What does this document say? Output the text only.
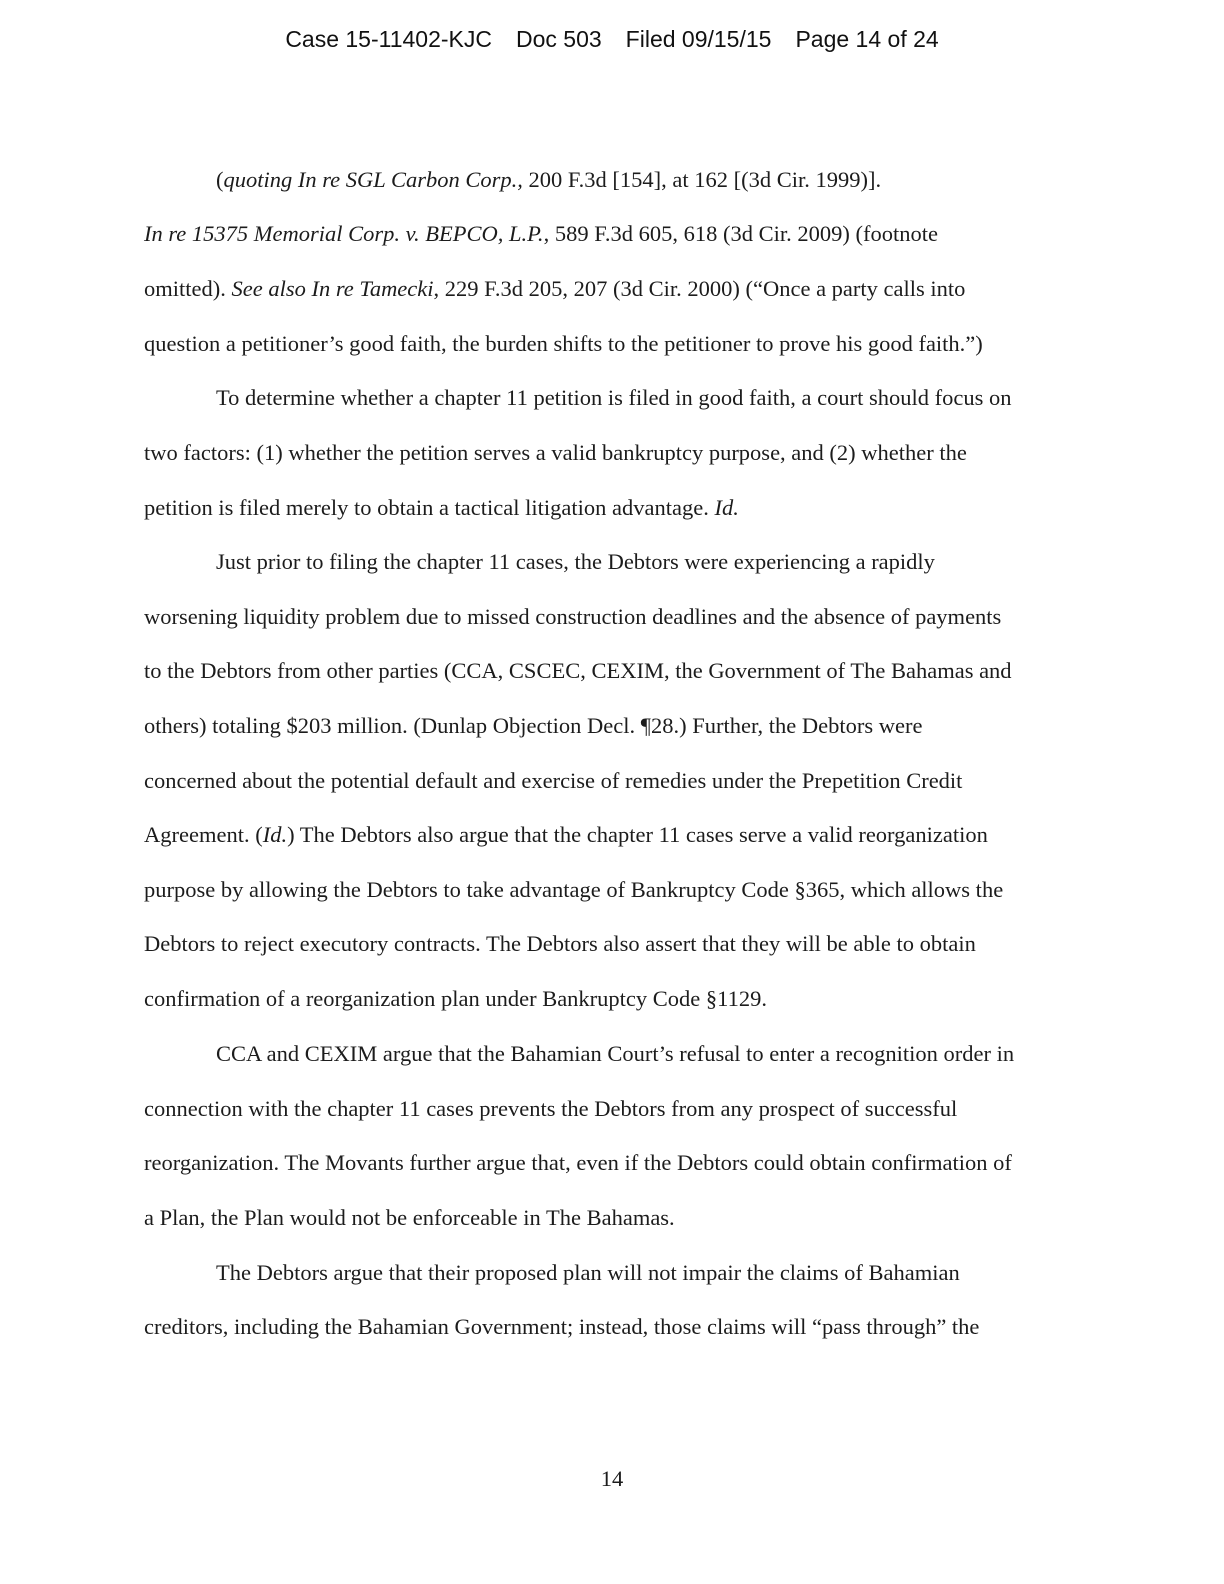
Case 15-11402-KJC Doc 503 Filed 09/15/15 Page 14 of 24
(quoting In re SGL Carbon Corp., 200 F.3d [154], at 162 [(3d Cir. 1999)].
In re 15375 Memorial Corp. v. BEPCO, L.P., 589 F.3d 605, 618 (3d Cir. 2009) (footnote
omitted). See also In re Tamecki, 229 F.3d 205, 207 (3d Cir. 2000) (“Once a party calls into
question a petitioner’s good faith, the burden shifts to the petitioner to prove his good faith.”)
To determine whether a chapter 11 petition is filed in good faith, a court should focus on
two factors: (1) whether the petition serves a valid bankruptcy purpose, and (2) whether the
petition is filed merely to obtain a tactical litigation advantage. Id.
Just prior to filing the chapter 11 cases, the Debtors were experiencing a rapidly
worsening liquidity problem due to missed construction deadlines and the absence of payments
to the Debtors from other parties (CCA, CSCEC, CEXIM, the Government of The Bahamas and
others) totaling $203 million. (Dunlap Objection Decl. ¶28.) Further, the Debtors were
concerned about the potential default and exercise of remedies under the Prepetition Credit
Agreement. (Id.) The Debtors also argue that the chapter 11 cases serve a valid reorganization
purpose by allowing the Debtors to take advantage of Bankruptcy Code §365, which allows the
Debtors to reject executory contracts. The Debtors also assert that they will be able to obtain
confirmation of a reorganization plan under Bankruptcy Code §1129.
CCA and CEXIM argue that the Bahamian Court’s refusal to enter a recognition order in
connection with the chapter 11 cases prevents the Debtors from any prospect of successful
reorganization. The Movants further argue that, even if the Debtors could obtain confirmation of
a Plan, the Plan would not be enforceable in The Bahamas.
The Debtors argue that their proposed plan will not impair the claims of Bahamian
creditors, including the Bahamian Government; instead, those claims will “pass through” the
14
